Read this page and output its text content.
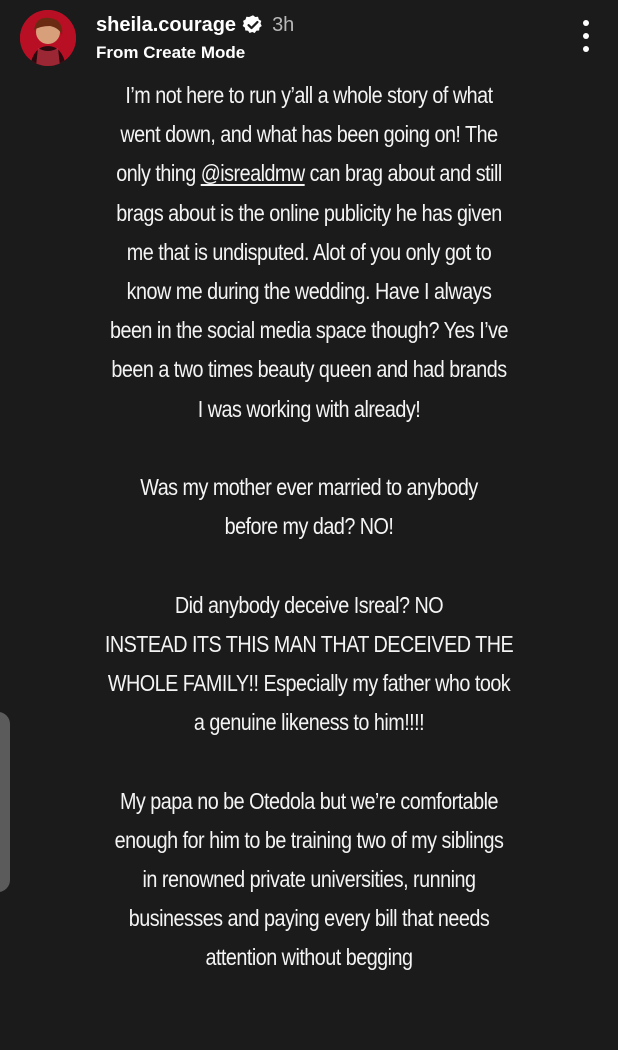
sheila.courage 3h
From Create Mode
I’m not here to run y’all a whole story of what
went down, and what has been going on! The
only thing @isrealdmw can brag about and still
brags about is the online publicity he has given
me that is undisputed. Alot of you only got to
know me during the wedding. Have I always
been in the social media space though? Yes I’ve
been a two times beauty queen and had brands
I was working with already!
Was my mother ever married to anybody
before my dad? NO!
Did anybody deceive Isreal? NO
INSTEAD ITS THIS MAN THAT DECEIVED THE
WHOLE FAMILY!! Especially my father who took
a genuine likeness to him!!!!
My papa no be Otedola but we’re comfortable
enough for him to be training two of my siblings
in renowned private universities, running
businesses and paying every bill that needs
attention without begging
